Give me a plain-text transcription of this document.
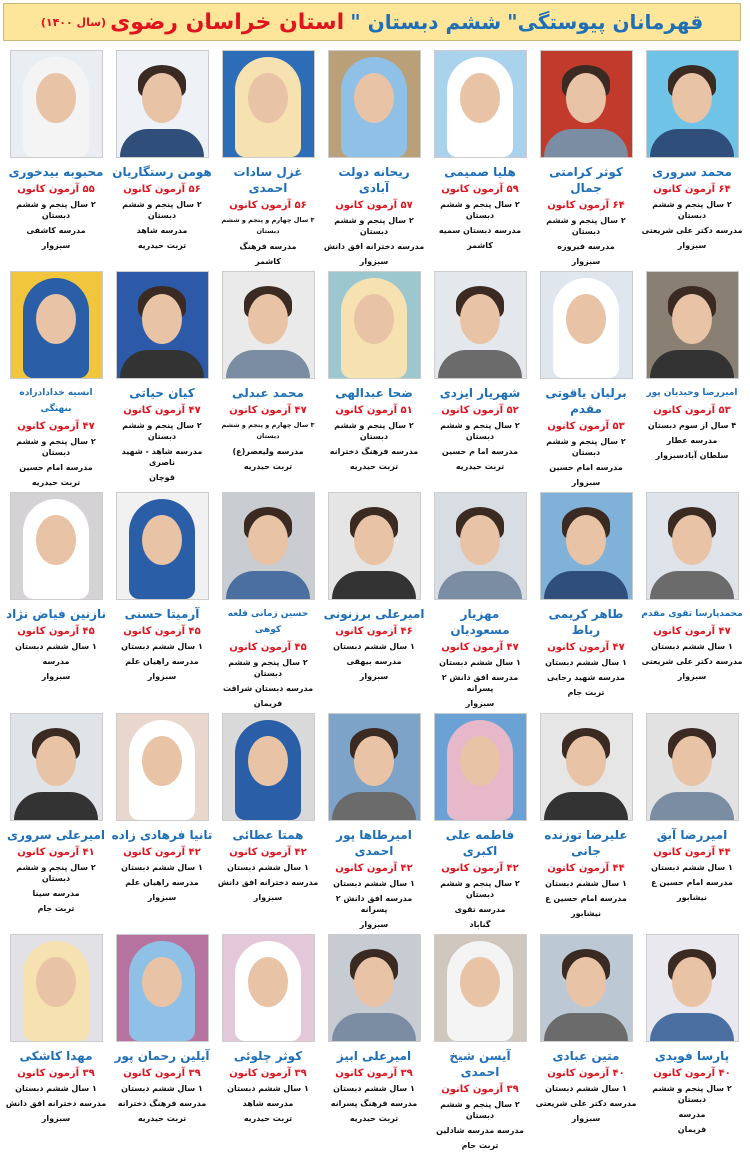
قهرمانان پیوستگی"
ششم دبستان "
استان خراسان رضوی
(سال ۱۴۰۰)
محمد سروری
۶۴ آزمون کانون
۲ سال پنجم و ششم دبستان
مدرسه دکتر علی شریعتی
سبزوار
کوثر کرامتی جمال
۶۴ آزمون کانون
۲ سال پنجم و ششم دبستان
مدرسه فیروزه
سبزوار
هلیا صمیمی
۵۹ آزمون کانون
۲ سال پنجم و ششم دبستان
مدرسه دبستان سمیه
کاشمر
ریحانه دولت آبادی
۵۷ آزمون کانون
۲ سال پنجم و ششم دبستان
مدرسه دخترانه افق دانش
سبزوار
غزل سادات احمدی
۵۶ آزمون کانون
۳ سال چهارم و پنجم و ششم دبستان
مدرسه فرهنگ
کاشمر
هومن رستگاریان
۵۶ آزمون کانون
۲ سال پنجم و ششم دبستان
مدرسه شاهد
تربت حیدریه
محبوبه بیدخوری
۵۵ آزمون کانون
۲ سال پنجم و ششم دبستان
مدرسه کاشفی
سبزوار
امیررضا وحیدیان پور
۵۳ آزمون کانون
۴ سال از سوم دبستان
مدرسه عطار
سلطان آبادسبزوار
برلیان یاقوتی مقدم
۵۳ آزمون کانون
۲ سال پنجم و ششم دبستان
مدرسه امام حسین
سبزوار
شهریار ایزدی
۵۲ آزمون کانون
۲ سال پنجم و ششم دبستان
مدرسه اما م حسین
تربت حیدریه
ضحا عبدالهی
۵۱ آزمون کانون
۲ سال پنجم و ششم دبستان
مدرسه فرهنگ دخترانه
تربت حیدریه
محمد عبدلی
۴۷ آزمون کانون
۳ سال چهارم و پنجم و ششم دبستان
مدرسه ولیعصر(ع)
تربت حیدریه
کیان حیاتی
۴۷ آزمون کانون
۲ سال پنجم و ششم دبستان
مدرسه شاهد - شهید ناصری
قوچان
انسیه خدادادزاده بنهنگی
۴۷ آزمون کانون
۲ سال پنجم و ششم دبستان
مدرسه امام حسین
تربت حیدریه
محمدپارسا تقوی مقدم
۴۷ آزمون کانون
۱ سال ششم دبستان
مدرسه دکتر علی شریعتی
سبزوار
طاهر کریمی رباط
۴۷ آزمون کانون
۱ سال ششم دبستان
مدرسه شهید رجایی
تربت جام
مهزیار مسعودیان
۴۷ آزمون کانون
۱ سال ششم دبستان
مدرسه افق دانش ۲ پسرانه
سبزوار
امیرعلی برزنونی
۴۶ آزمون کانون
۱ سال ششم دبستان
مدرسه بیهقی
سبزوار
حسین زمانی قلعه کوهی
۴۵ آزمون کانون
۲ سال پنجم و ششم دبستان
مدرسه دبستان شرافت
فریمان
آرمیتا حسنی
۴۵ آزمون کانون
۱ سال ششم دبستان
مدرسه راهیان علم
سبزوار
نازنین فیاض نژاد
۴۵ آزمون کانون
۱ سال ششم دبستان
مدرسه
سبزوار
امیررضا آبق
۴۴ آزمون کانون
۱ سال ششم دبستان
مدرسه امام حسین ع
نیشابور
علیرضا توزنده جانی
۴۴ آزمون کانون
۱ سال ششم دبستان
مدرسه امام حسین ع
نیشابور
فاطمه علی اکبری
۴۲ آزمون کانون
۲ سال پنجم و ششم دبستان
مدرسه تقوی
گناباد
امیرطاها پور احمدی
۴۲ آزمون کانون
۱ سال ششم دبستان
مدرسه افق دانش ۲ پسرانه
سبزوار
همتا عطائی
۴۲ آزمون کانون
۱ سال ششم دبستان
مدرسه دخترانه افق دانش
سبزوار
تانیا فرهادی زاده
۴۲ آزمون کانون
۱ سال ششم دبستان
مدرسه راهیان علم
سبزوار
امیرعلی سروری
۴۱ آزمون کانون
۲ سال پنجم و ششم دبستان
مدرسه سینا
تربت جام
پارسا فویدی
۴۰ آزمون کانون
۲ سال پنجم و ششم دبستان
مدرسه
فریمان
متین عبادی
۴۰ آزمون کانون
۱ سال ششم دبستان
مدرسه دکتر علی شریعتی
سبزوار
آیسن شیخ احمدی
۳۹ آزمون کانون
۲ سال پنجم و ششم دبستان
مدرسه مدرسه شادلین
تربت جام
امیرعلی ابیز
۳۹ آزمون کانون
۱ سال ششم دبستان
مدرسه فرهنگ پسرانه
تربت حیدریه
کوثر چلوئی
۳۹ آزمون کانون
۱ سال ششم دبستان
مدرسه شاهد
تربت حیدریه
آیلین رحمان پور
۳۹ آزمون کانون
۱ سال ششم دبستان
مدرسه فرهنگ دخترانه
تربت حیدریه
مهدا کاشکی
۳۹ آزمون کانون
۱ سال ششم دبستان
مدرسه دخترانه افق دانش
سبزوار
